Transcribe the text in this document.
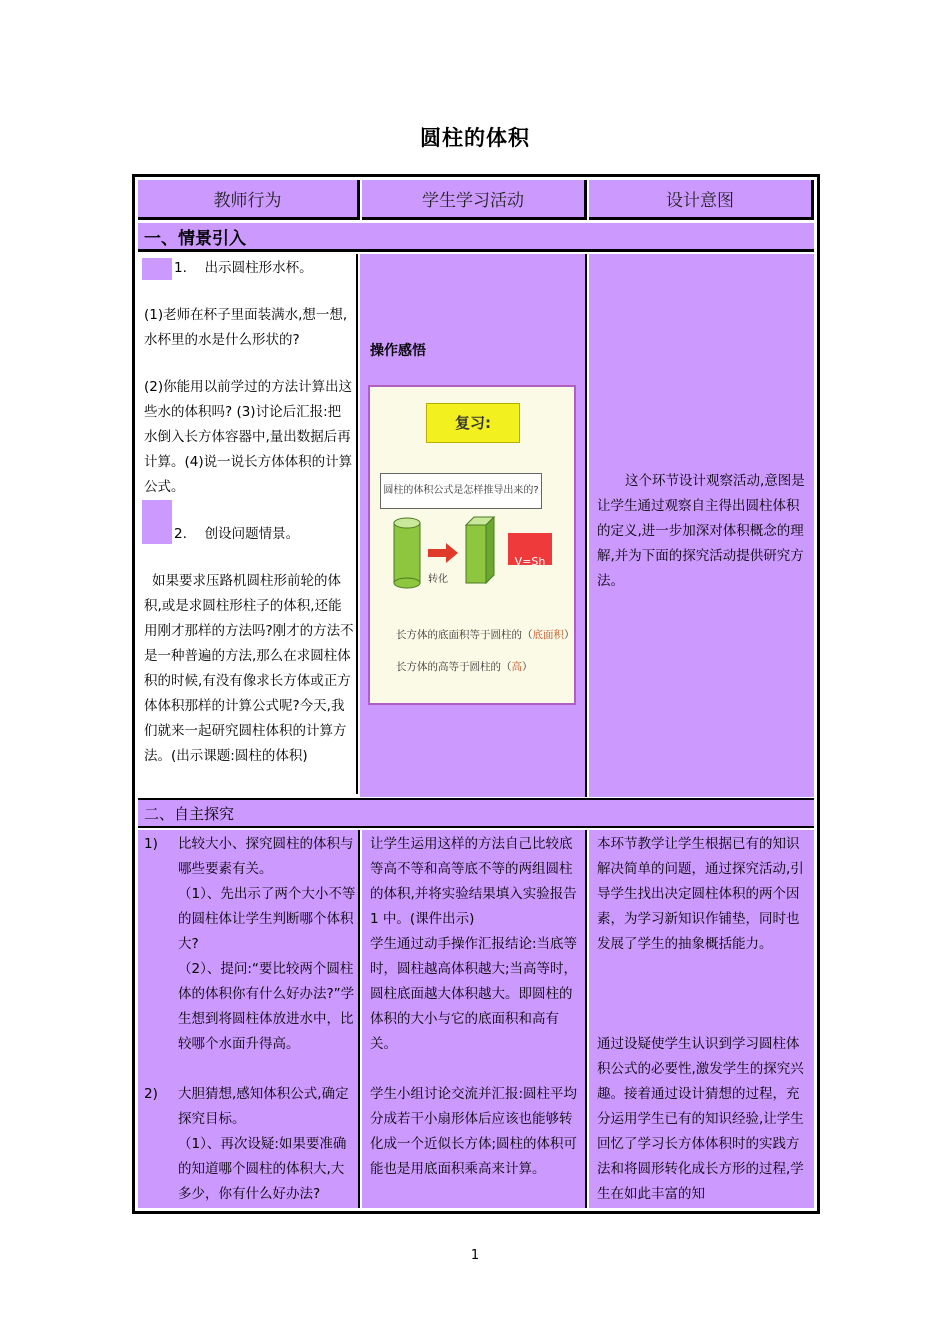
圆柱的体积
教师行为	学生学习活动	设计意图
一、情景引入
1.　 出示圆柱形水杯。
(1)老师在杯子里面装满水,想一想,水杯里的水是什么形状的?
(2)你能用以前学过的方法计算出这些水的体积吗? (3)讨论后汇报:把水倒入长方体容器中,量出数据后再计算。(4)说一说长方体体积的计算公式。
2.　 创设问题情景。
如果要求压路机圆柱形前轮的体积,或是求圆柱形柱子的体积,还能用刚才那样的方法吗?刚才的方法不是一种普遍的方法,那么在求圆柱体积的时候,有没有像求长方体或正方体体积那样的计算公式呢?今天,我们就来一起研究圆柱体积的计算方法。(出示课题:圆柱的体积)
操作感悟
复习:
圆柱的体积公式是怎样推导出来的?
转化
V=Sh
长方体的底面积等于圆柱的（底面积）
长方体的高等于圆柱的（高）
这个环节设计观察活动,意图是让学生通过观察自主得出圆柱体积的定义,进一步加深对体积概念的理解,并为下面的探究活动提供研究方法。
二、自主探究
1) 比较大小、探究圆柱的体积与哪些要素有关。
（1）、先出示了两个大小不等的圆柱体让学生判断哪个体积大?
（2）、提问:“要比较两个圆柱体的体积你有什么好办法?”学生想到将圆柱体放进水中，比较哪个水面升得高。
2) 大胆猜想,感知体积公式,确定探究目标。
（1）、再次设疑:如果要准确的知道哪个圆柱的体积大,大多少，你有什么好办法?
让学生运用这样的方法自己比较底等高不等和高等底不等的两组圆柱的体积,并将实验结果填入实验报告 1 中。(课件出示)
学生通过动手操作汇报结论:当底等时，圆柱越高体积越大;当高等时，圆柱底面越大体积越大。即圆柱的体积的大小与它的底面积和高有关。
学生小组讨论交流并汇报:圆柱平均分成若干小扇形体后应该也能够转化成一个近似长方体;圆柱的体积可能也是用底面积乘高来计算。
本环节教学让学生根据已有的知识解决简单的问题，通过探究活动,引导学生找出决定圆柱体积的两个因素，为学习新知识作铺垫，同时也发展了学生的抽象概括能力。
通过设疑使学生认识到学习圆柱体积公式的必要性,激发学生的探究兴趣。接着通过设计猜想的过程，充分运用学生已有的知识经验,让学生回忆了学习长方体体积时的实践方法和将圆形转化成长方形的过程,学生在如此丰富的知
1
